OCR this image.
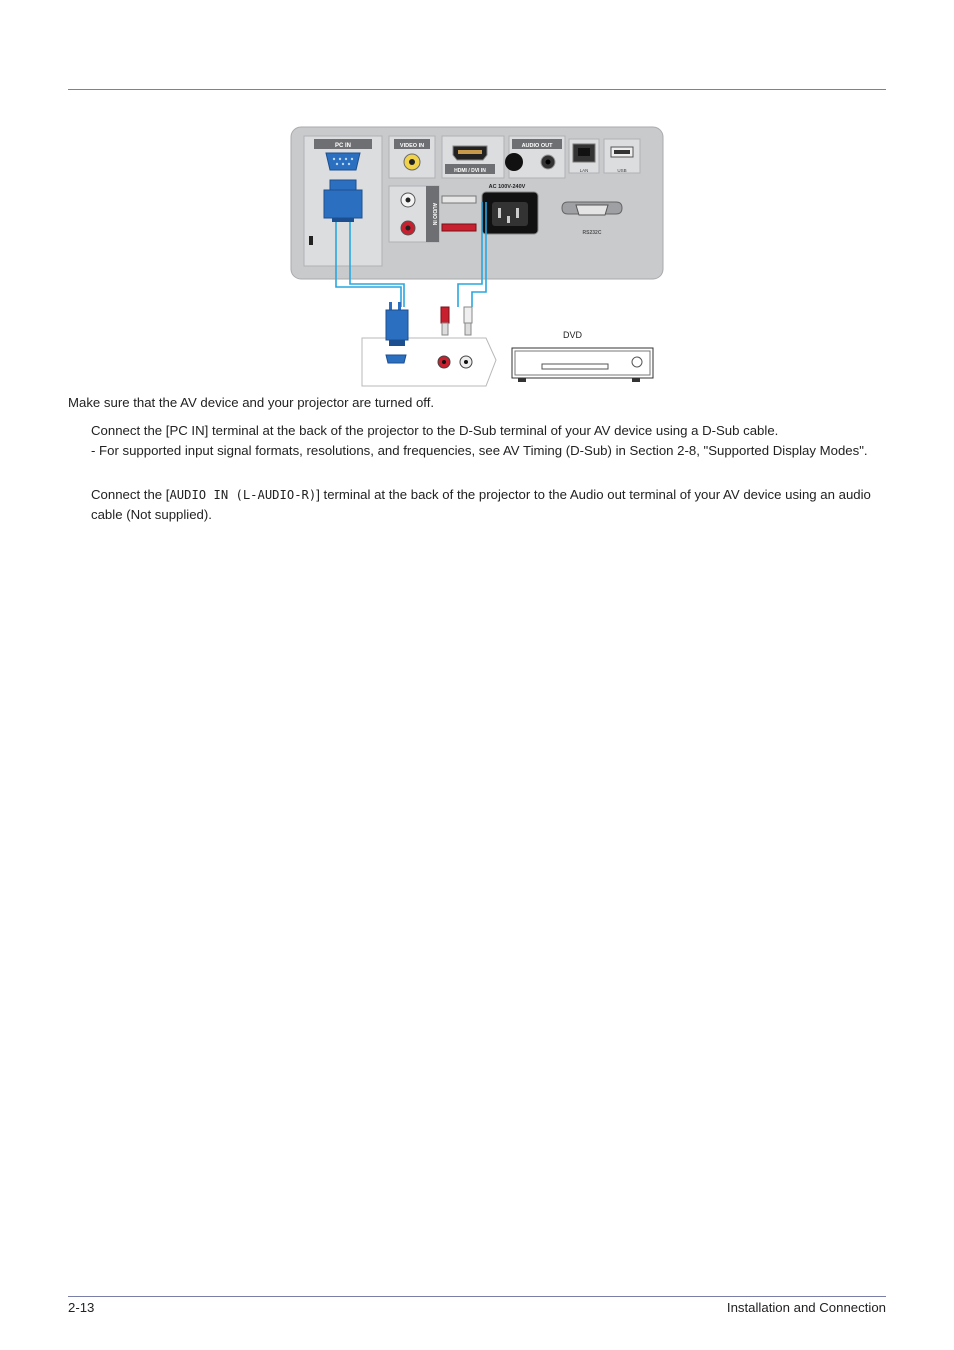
PC IN	VIDEO IN	AUDIO OUT
HDMI / DVI IN	LAN	USB
AUDIO IN
AC 100V-240V
RS232C
DVD
Make sure that the AV device and your projector are turned off.
Connect the [PC IN] terminal at the back of the projector to the D-Sub terminal of your AV device using a D-Sub cable.
- For supported input signal formats, resolutions, and frequencies, see AV Timing (D-Sub) in Section 2-8, "Supported Display Modes".
Connect the [AUDIO IN (L-AUDIO-R)] terminal at the back of the projector to the Audio out terminal of your AV device using an audio cable (Not supplied).
2-13	Installation and Connection
